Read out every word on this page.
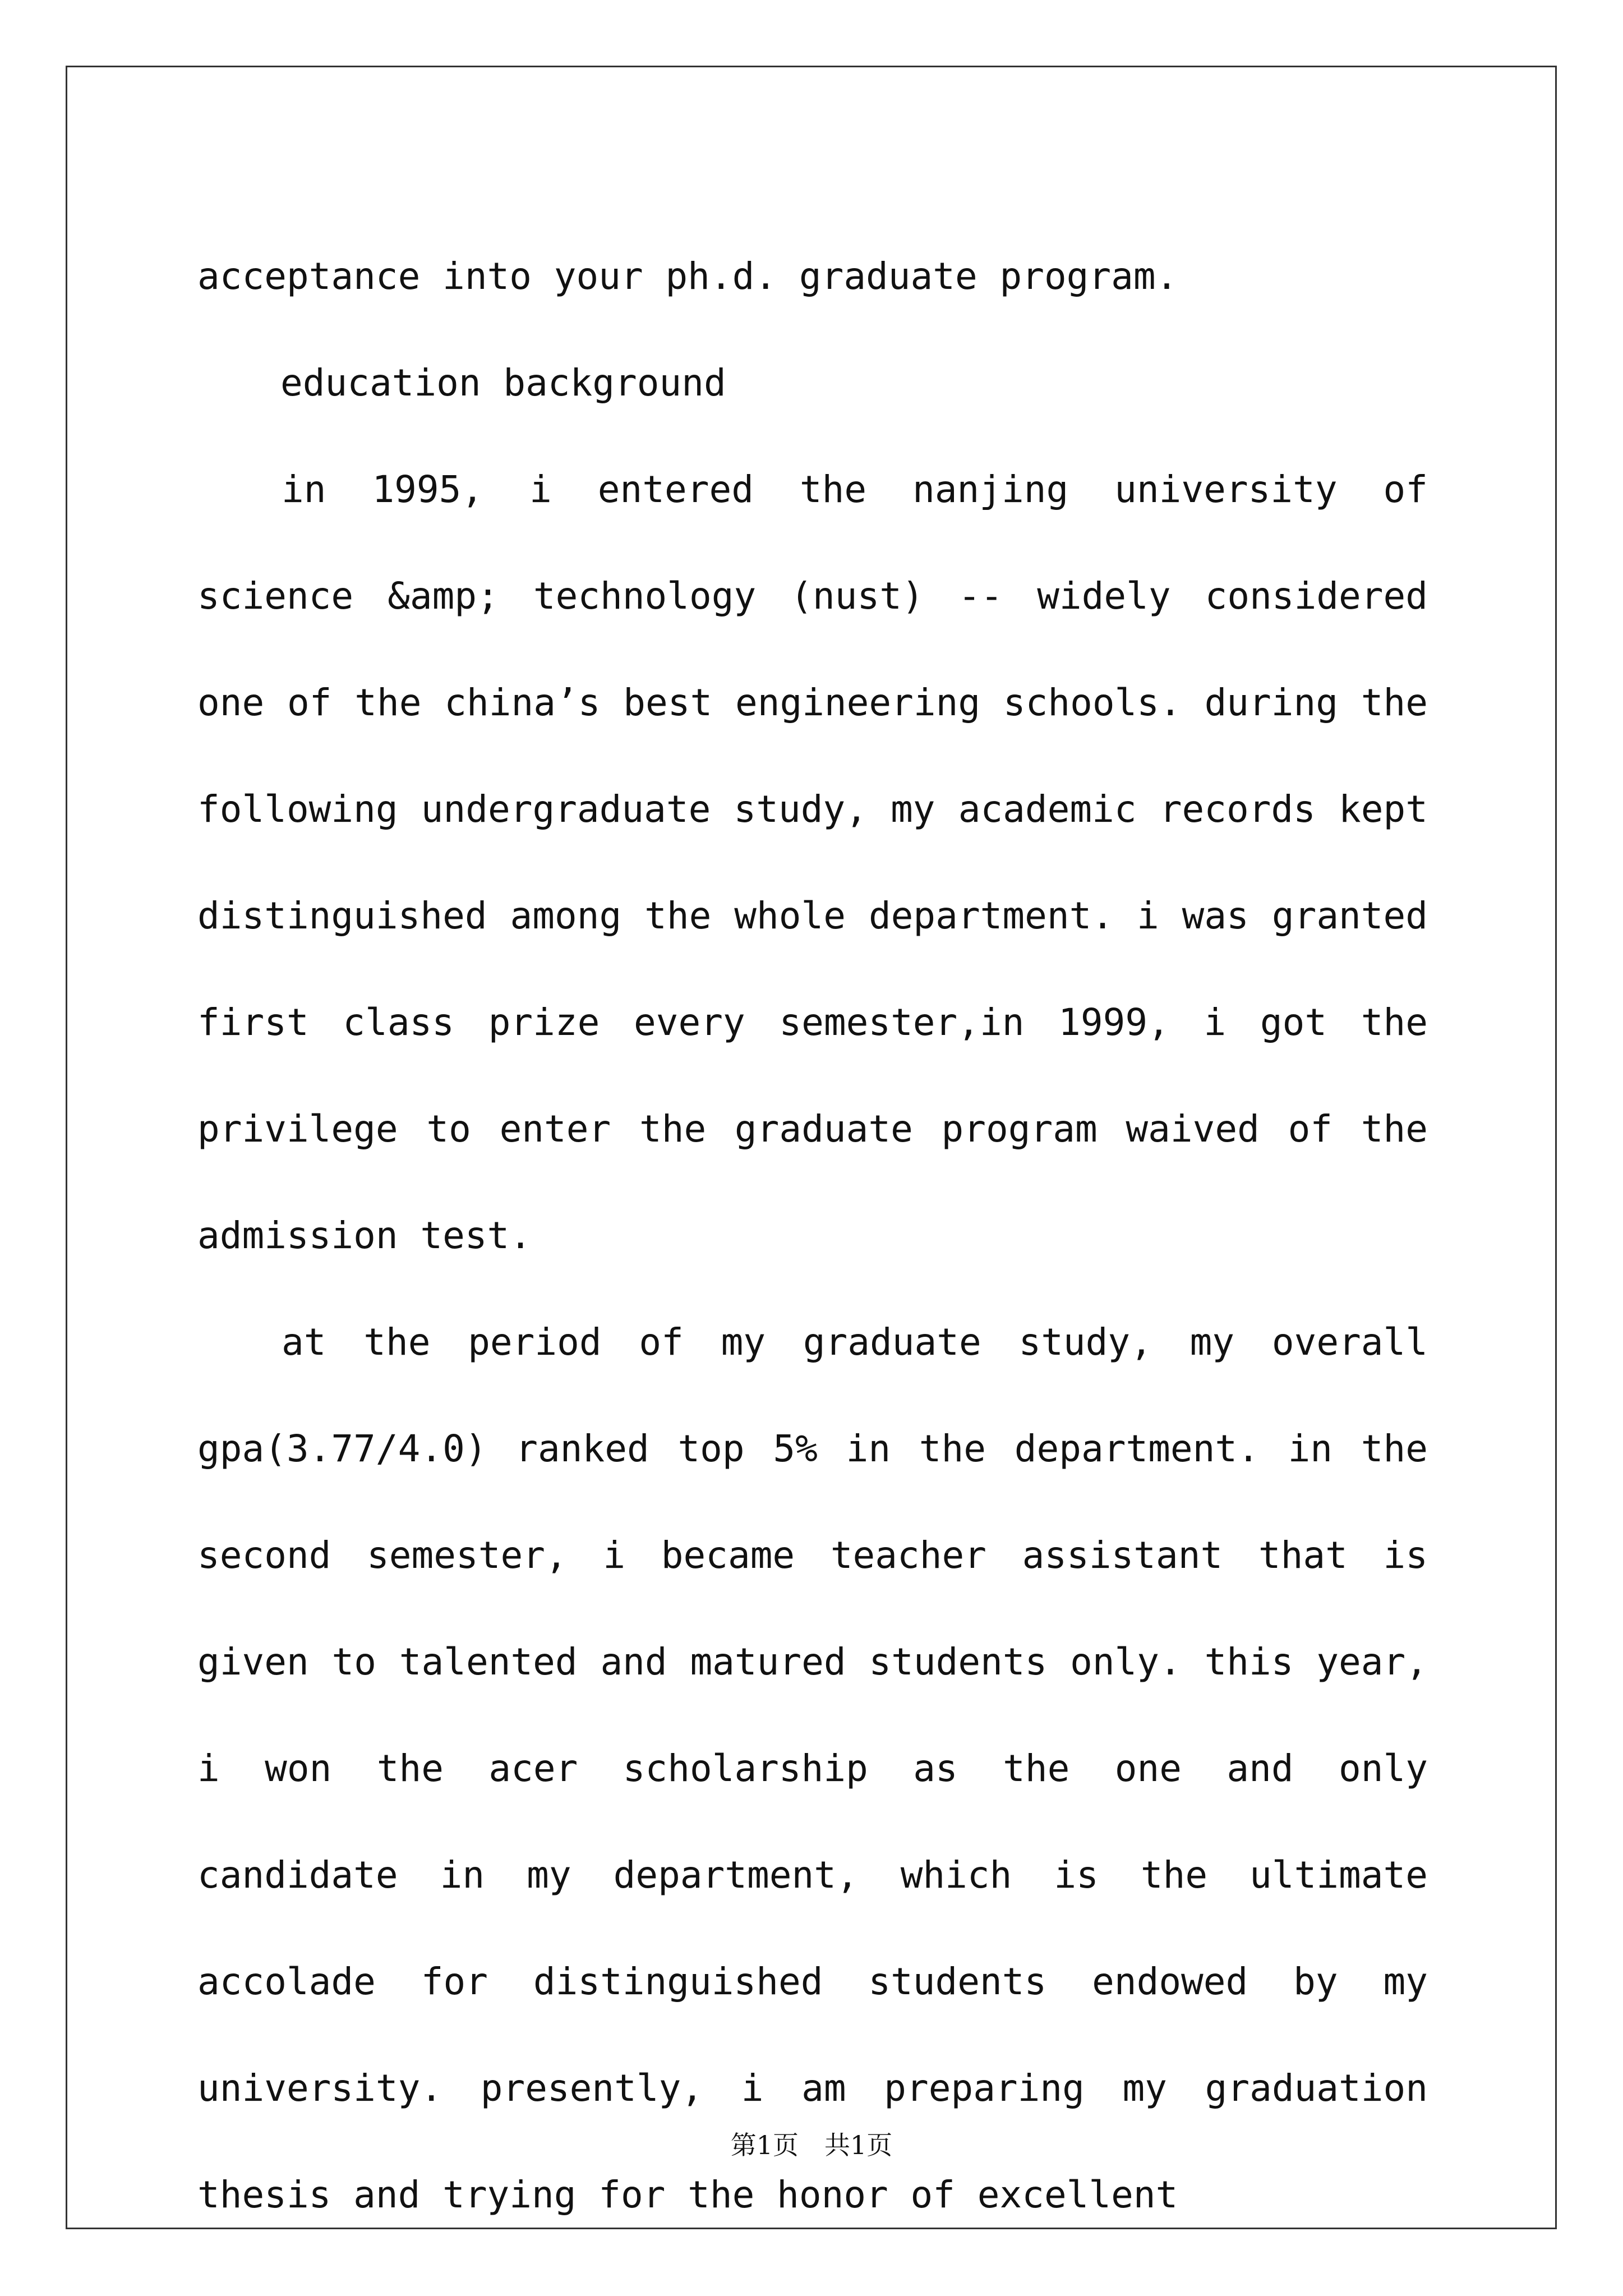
acceptance into your ph.d. graduate program.

education background

in 1995, i entered the nanjing university of science &amp; technology (nust) -- widely considered one of the china’s best engineering schools. during the following undergraduate study, my academic records kept distinguished among the whole department. i was granted first class prize every semester,in 1999, i got the privilege to enter the graduate program waived of the admission test.

at the period of my graduate study, my overall gpa(3.77/4.0) ranked top 5% in the department. in the second semester, i became teacher assistant that is given to talented and matured students only. this year, i won the acer scholarship as the one and only candidate in my department, which is the ultimate accolade for distinguished students endowed by my university. presently, i am preparing my graduation thesis and trying for the honor of excellent

第1页　共1页
